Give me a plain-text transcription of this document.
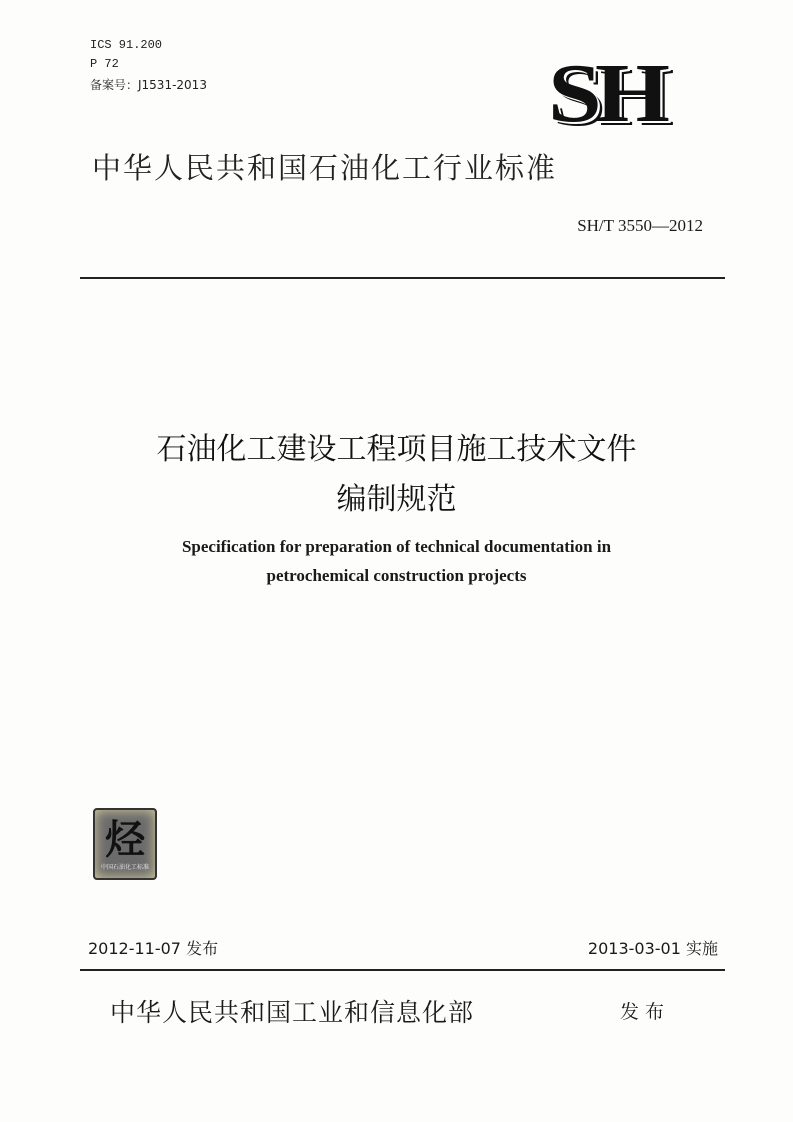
ICS 91.200
P 72
备案号：J1531-2013	SH
中华人民共和国石油化工行业标准
SH/T 3550—2012
石油化工建设工程项目施工技术文件
编制规范
Specification for preparation of technical documentation in
petrochemical construction projects
烃
中国石油化工标准
2012-11-07 发布	2013-03-01 实施
中华人民共和国工业和信息化部	发布
